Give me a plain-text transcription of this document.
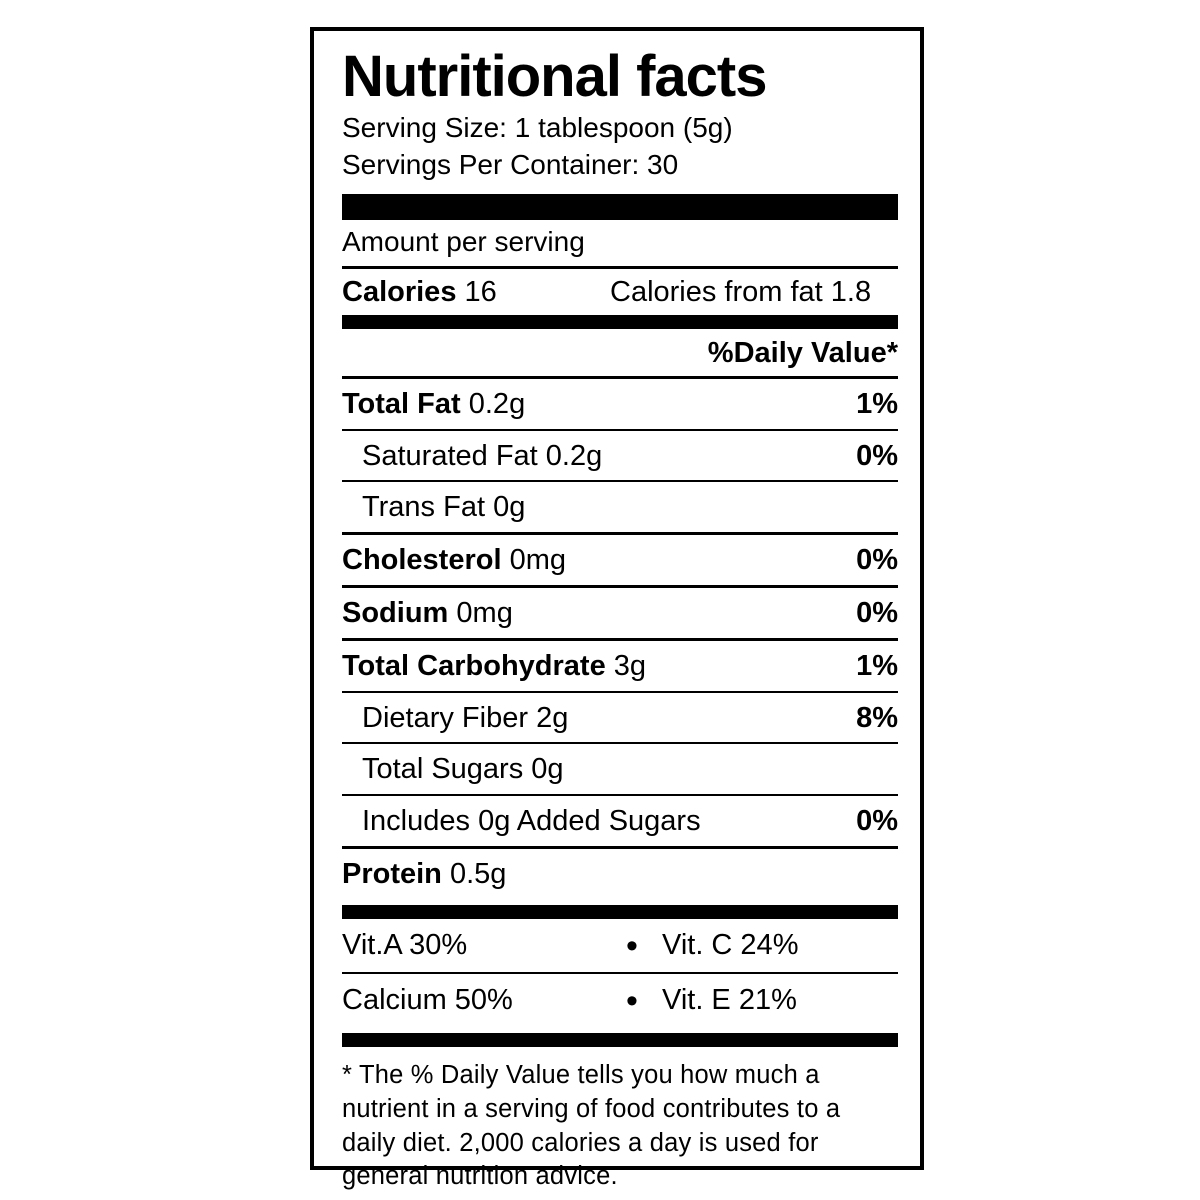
Nutritional facts
Serving Size: 1 tablespoon (5g)
Servings Per Container: 30
Amount per serving
Calories 16	Calories from fat 1.8
%Daily Value*
Total Fat 0.2g	1%
Saturated Fat 0.2g	0%
Trans Fat 0g
Cholesterol 0mg	0%
Sodium 0mg	0%
Total Carbohydrate 3g	1%
Dietary Fiber 2g	8%
Total Sugars 0g
Includes 0g Added Sugars	0%
Protein 0.5g
Vit.A 30%	• Vit. C 24%
Calcium 50%	• Vit. E 21%
* The % Daily Value tells you how much a
nutrient in a serving of food contributes to a
daily diet. 2,000 calories a day is used for
general nutrition advice.
